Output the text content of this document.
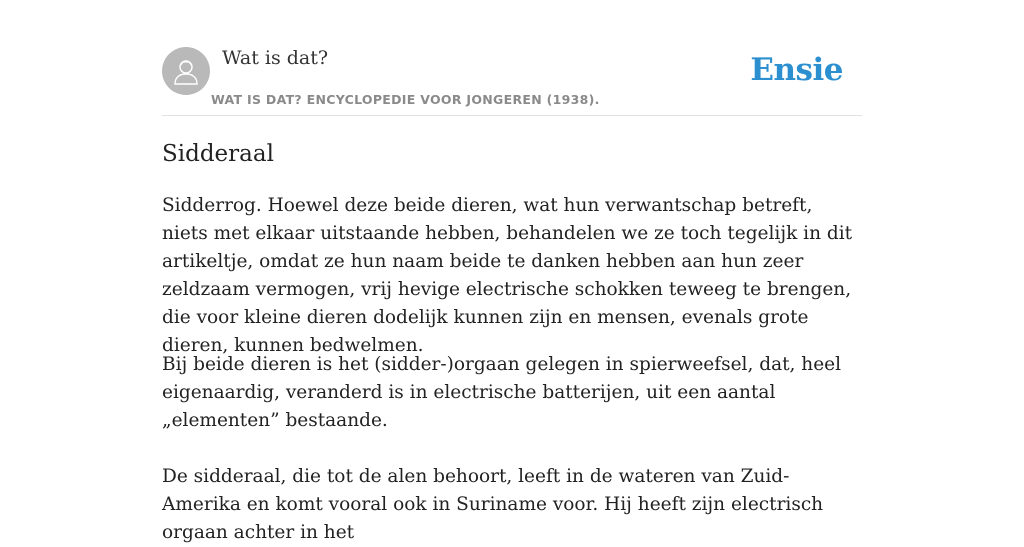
Wat is dat?
WAT IS DAT? ENCYCLOPEDIE VOOR JONGEREN (1938).
Ensie
Sidderaal

Sidderrog. Hoewel deze beide dieren, wat hun verwantschap betreft, niets met elkaar uitstaande hebben, behandelen we ze toch tegelijk in dit artikeltje, omdat ze hun naam beide te danken hebben aan hun zeer zeldzaam vermogen, vrij hevige electrische schokken teweeg te brengen, die voor kleine dieren dodelijk kunnen zijn en mensen, evenals grote dieren, kunnen bedwelmen.

Bij beide dieren is het (sidder-)orgaan gelegen in spierweefsel, dat, heel eigenaardig, veranderd is in electrische batterijen, uit een aantal „elementen” bestaande.

De sidderaal, die tot de alen behoort, leeft in de wateren van Zuid-Amerika en komt vooral ook in Suriname voor. Hij heeft zijn electrisch orgaan achter in het
